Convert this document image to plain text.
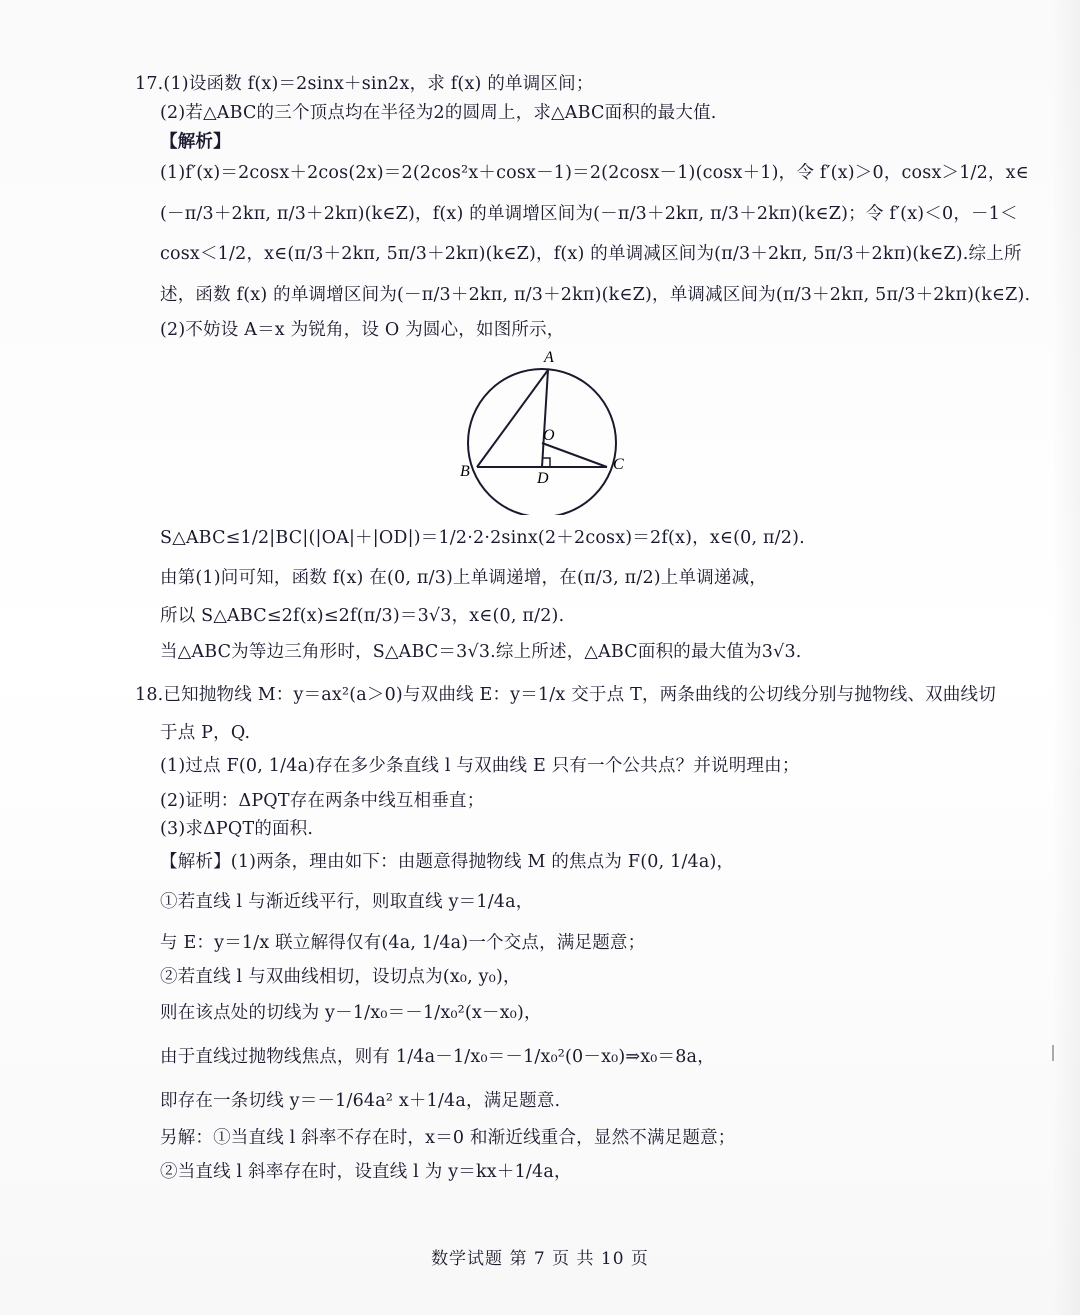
17.(1)设函数 f(x)＝2sinx＋sin2x，求 f(x) 的单调区间；
(2)若△ABC的三个顶点均在半径为2的圆周上，求△ABC面积的最大值.
【解析】
(1)f′(x)＝2cosx＋2cos(2x)＝2(2cos²x＋cosx－1)＝2(2cosx－1)(cosx＋1)，令 f′(x)＞0，cosx＞1/2，x∈
(－π/3＋2kπ, π/3＋2kπ)(k∈Z)，f(x) 的单调增区间为(－π/3＋2kπ, π/3＋2kπ)(k∈Z)；令 f′(x)＜0，－1＜
cosx＜1/2，x∈(π/3＋2kπ, 5π/3＋2kπ)(k∈Z)，f(x) 的单调减区间为(π/3＋2kπ, 5π/3＋2kπ)(k∈Z).综上所
述，函数 f(x) 的单调增区间为(－π/3＋2kπ, π/3＋2kπ)(k∈Z)，单调减区间为(π/3＋2kπ, 5π/3＋2kπ)(k∈Z).
(2)不妨设 A＝x 为锐角，设 O 为圆心，如图所示，
A
B	C
D
O
S△ABC≤1/2|BC|(|OA|＋|OD|)＝1/2·2·2sinx(2＋2cosx)＝2f(x)，x∈(0, π/2).
由第(1)问可知，函数 f(x) 在(0, π/3)上单调递增，在(π/3, π/2)上单调递减，
所以 S△ABC≤2f(x)≤2f(π/3)＝3√3，x∈(0, π/2).
当△ABC为等边三角形时，S△ABC＝3√3.综上所述，△ABC面积的最大值为3√3.
18.已知抛物线 M：y＝ax²(a＞0)与双曲线 E：y＝1/x 交于点 T，两条曲线的公切线分别与抛物线、双曲线切
于点 P，Q.
(1)过点 F(0, 1/4a)存在多少条直线 l 与双曲线 E 只有一个公共点？并说明理由；
(2)证明：ΔPQT存在两条中线互相垂直；
(3)求ΔPQT的面积.
【解析】(1)两条，理由如下：由题意得抛物线 M 的焦点为 F(0, 1/4a)，
①若直线 l 与渐近线平行，则取直线 y＝1/4a，
与 E：y＝1/x 联立解得仅有(4a, 1/4a)一个交点，满足题意；
②若直线 l 与双曲线相切，设切点为(x₀, y₀)，
则在该点处的切线为 y－1/x₀＝－1/x₀²(x－x₀)，
由于直线过抛物线焦点，则有 1/4a－1/x₀＝－1/x₀²(0－x₀)⇒x₀＝8a，
即存在一条切线 y＝－1/64a² x＋1/4a，满足题意.
另解：①当直线 l 斜率不存在时，x＝0 和渐近线重合，显然不满足题意；
②当直线 l 斜率存在时，设直线 l 为 y＝kx＋1/4a，
数学试题 第 7 页 共 10 页
